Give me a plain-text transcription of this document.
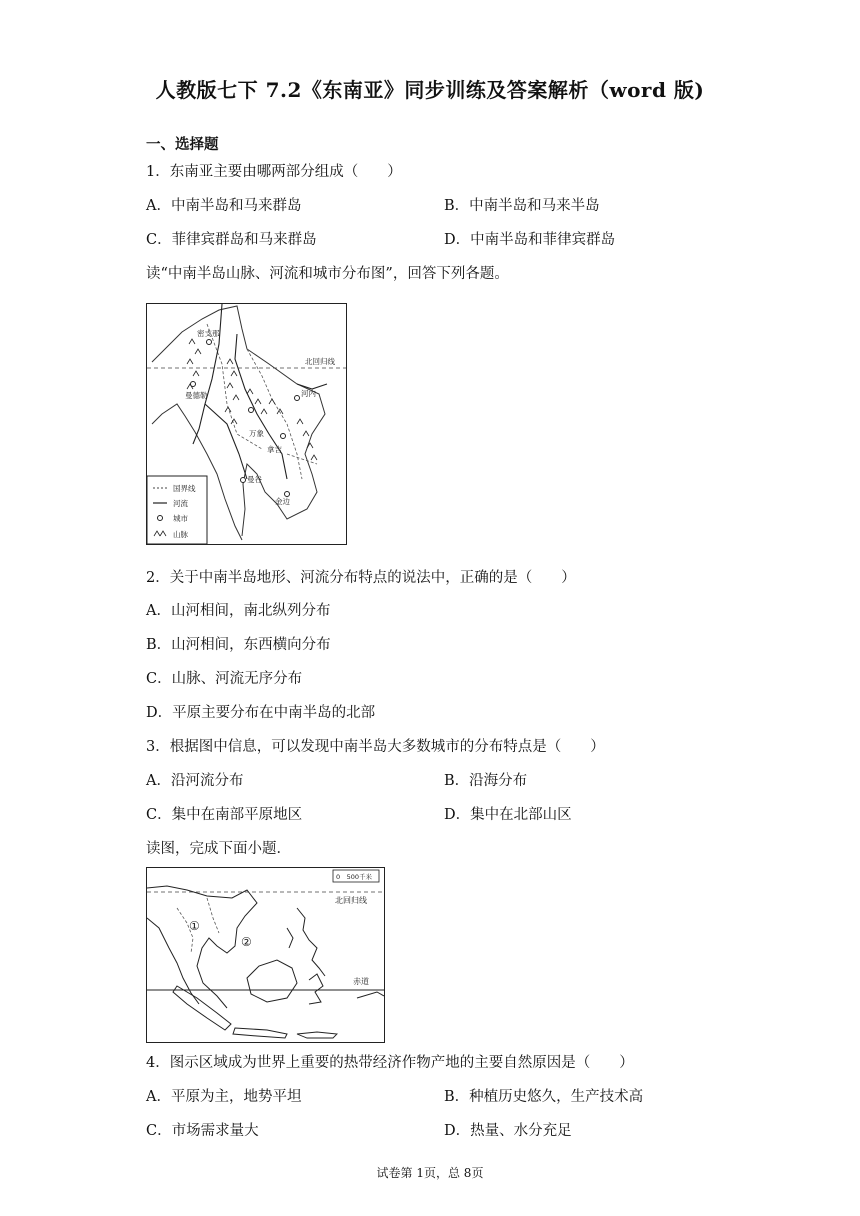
人教版七下 7.2《东南亚》同步训练及答案解析（word 版)
一、选择题
1．东南亚主要由哪两部分组成（　　）
A．中南半岛和马来群岛	B．中南半岛和马来半岛
C．菲律宾群岛和马来群岛	D．中南半岛和菲律宾群岛
读“中南半岛山脉、河流和城市分布图”，回答下列各题。
密支那
曼德勒
万象
河内
拿吉
曼谷
金边
北回归线
国界线
河流
城市
山脉
2．关于中南半岛地形、河流分布特点的说法中，正确的是（　　）
A．山河相间，南北纵列分布
B．山河相间，东西横向分布
C．山脉、河流无序分布
D．平原主要分布在中南半岛的北部
3．根据图中信息，可以发现中南半岛大多数城市的分布特点是（　　）
A．沿河流分布	B．沿海分布
C．集中在南部平原地区	D．集中在北部山区
读图，完成下面小题．
0　500千米
北回归线
赤道
①
②
4．图示区域成为世界上重要的热带经济作物产地的主要自然原因是（　　）
A．平原为主，地势平坦	B．种植历史悠久，生产技术高
C．市场需求量大	D．热量、水分充足
试卷第 1页，总 8页
